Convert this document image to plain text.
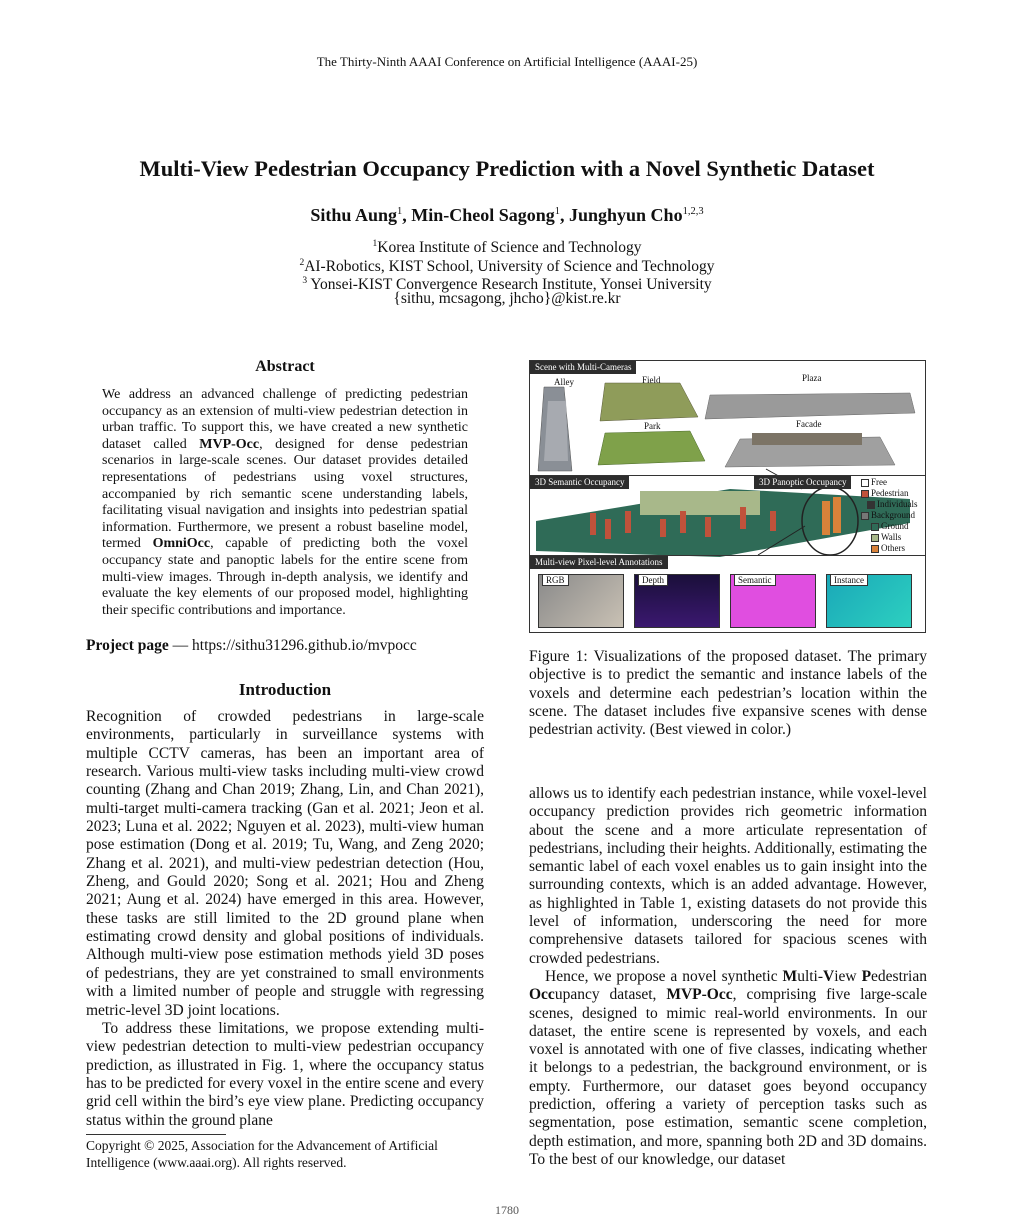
The Thirty-Ninth AAAI Conference on Artificial Intelligence (AAAI-25)
Multi-View Pedestrian Occupancy Prediction with a Novel Synthetic Dataset
Sithu Aung$^1$, Min-Cheol Sagong$^1$, Junghyun Cho$^{1,2,3}$
$^1$Korea Institute of Science and Technology
$^2$AI-Robotics, KIST School, University of Science and Technology
$^3$ Yonsei-KIST Convergence Research Institute, Yonsei University
{sithu, mcsagong, jhcho}@kist.re.kr
Abstract
We address an advanced challenge of predicting pedestrian occupancy as an extension of multi-view pedestrian detection in urban traffic. To support this, we have created a new synthetic dataset called MVP-Occ, designed for dense pedestrian scenarios in large-scale scenes. Our dataset provides detailed representations of pedestrians using voxel structures, accompanied by rich semantic scene understanding labels, facilitating visual navigation and insights into pedestrian spatial information. Furthermore, we present a robust baseline model, termed OmniOcc, capable of predicting both the voxel occupancy state and panoptic labels for the entire scene from multi-view images. Through in-depth analysis, we identify and evaluate the key elements of our proposed model, highlighting their specific contributions and importance.
Project page — https://sithu31296.github.io/mvpocc
Introduction

Recognition of crowded pedestrians in large-scale environments, particularly in surveillance systems with multiple CCTV cameras, has been an important area of research. Various multi-view tasks including multi-view crowd counting (Zhang and Chan 2019; Zhang, Lin, and Chan 2021), multi-target multi-camera tracking (Gan et al. 2021; Jeon et al. 2023; Luna et al. 2022; Nguyen et al. 2023), multi-view human pose estimation (Dong et al. 2019; Tu, Wang, and Zeng 2020; Zhang et al. 2021), and multi-view pedestrian detection (Hou, Zheng, and Gould 2020; Song et al. 2021; Hou and Zheng 2021; Aung et al. 2024) have emerged in this area. However, these tasks are still limited to the 2D ground plane when estimating crowd density and global positions of individuals. Although multi-view pose estimation methods yield 3D poses of pedestrians, they are yet constrained to small environments with a limited number of people and struggle with regressing metric-level 3D joint locations.

To address these limitations, we propose extending multi-view pedestrian detection to multi-view pedestrian occupancy prediction, as illustrated in Fig. 1, where the occupancy status has to be predicted for every voxel in the entire scene and every grid cell within the bird’s eye view plane. Predicting occupancy status within the ground plane

Copyright © 2025, Association for the Advancement of Artificial Intelligence (www.aaai.org). All rights reserved.
Scene with Multi-Cameras
Alley	Field	Plaza
Park	Facade
3D Semantic Occupancy	3D Panoptic Occupancy	Free
Pedestrian
Individuals
Background
Ground
Walls
Others
Multi-view Pixel-level Annotations
RGB	Depth	Semantic	Instance
Figure 1: Visualizations of the proposed dataset. The primary objective is to predict the semantic and instance labels of the voxels and determine each pedestrian’s location within the scene. The dataset includes five expansive scenes with dense pedestrian activity. (Best viewed in color.)

allows us to identify each pedestrian instance, while voxel-level occupancy prediction provides rich geometric information about the scene and a more articulate representation of pedestrians, including their heights. Additionally, estimating the semantic label of each voxel enables us to gain insight into the surrounding contexts, which is an added advantage. However, as highlighted in Table 1, existing datasets do not provide this level of information, underscoring the need for more comprehensive datasets tailored for spacious scenes with crowded pedestrians.

Hence, we propose a novel synthetic Multi-View Pedestrian Occupancy dataset, MVP-Occ, comprising five large-scale scenes, designed to mimic real-world environments. In our dataset, the entire scene is represented by voxels, and each voxel is annotated with one of five classes, indicating whether it belongs to a pedestrian, the background environment, or is empty. Furthermore, our dataset goes beyond occupancy prediction, offering a variety of perception tasks such as segmentation, pose estimation, semantic scene completion, depth estimation, and more, spanning both 2D and 3D domains. To the best of our knowledge, our dataset

1780
